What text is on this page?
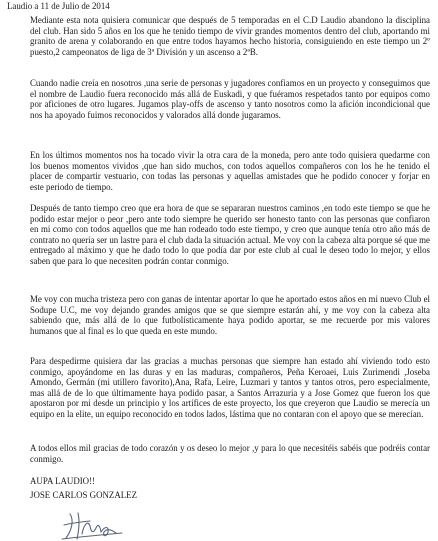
Laudio a 11 de Julio de 2014

Mediante esta nota quisiera comunicar que después de 5 temporadas en el C.D Laudio abandono la disciplina del club. Han sido 5 años en los que he tenido tiempo de vivir grandes momentos dentro del club, aportando mi granito de arena y colaborando en que entre todos hayamos hecho historia, consiguiendo en este tiempo un 2º puesto,2 campeonatos de liga de 3ª División y un ascenso a 2ªB.

Cuando nadie creía en nosotros ,una serie de personas y jugadores confiamos en un proyecto y conseguimos que el nombre de Laudio fuera reconocido más allá de Euskadi, y que fuéramos respetados tanto por equipos como por aficiones de otro lugares. Jugamos play-offs de ascenso y tanto nosotros como la afición incondicional que nos ha apoyado fuimos reconocidos y valorados allá donde jugaramos.

En los últimos momentos nos ha tocado vivir la otra cara de la moneda, pero ante todo quisiera quedarme con los buenos momentos vividos ,que han sido muchos, con todos aquellos compañeros con los he he tenido el placer de compartir vestuario, con todas las personas y aquellas amistades que he podido conocer y forjar en este periodo de tiempo.

Después de tanto tiempo creo que era hora de que se separaran nuestros caminos ,en todo este tiempo se que he podido estar mejor o peor ,pero ante todo siempre he querido ser honesto tanto con las personas que confiaron en mi como con todos aquellos que me han rodeado todo este tiempo, y creo que aunque tenía otro año más de contrato no quería ser un lastre para el club dada la situación actual. Me voy con la cabeza alta porque sé que me entregado al máximo y que he dado todo lo que podía dar por este club al cual le deseo todo lo mejor, y ellos saben que para lo que necesiten podrán contar conmigo.

Me voy con mucha tristeza pero con ganas de intentar aportar lo que he aportado estos años en mi nuevo Club el Sodupe U.C, me voy dejando grandes amigos que se que siempre estarán ahí, y me voy con la cabeza alta sabiendo que, más allá de lo que futbolísticamente haya podido aportar, se me recuerde por mis valores humanos que al final es lo que queda en este mundo.

Para despedirme quisiera dar las gracias a muchas personas que siempre han estado ahí viviendo todo esto conmigo, apoyándome en las duras y en las maduras, compañeros, Peña Keroaei, Luis Zurimendi ,Joseba Amondo, Germán (mi utillero favorito),Ana, Rafa, Leire, Luzmari y tantos y tantos otros, pero especialmente, mas allá de de lo que últimamente haya podido pasar, a Santos Arrazuria y a Jose Gomez que fueron los que apostaron por mi desde un principio y los artífices de este proyecto, los que creyeron que Laudio se merecía un equipo en la elite, un equipo reconocido en todos lados, lástima que no contaran con el apoyo que se merecían.

A todos ellos mil gracias de todo corazón y os deseo lo mejor ,y para lo que necesitéis sabéis que podréis contar conmigo.

AUPA LAUDIO!!
JOSE CARLOS GONZALEZ
